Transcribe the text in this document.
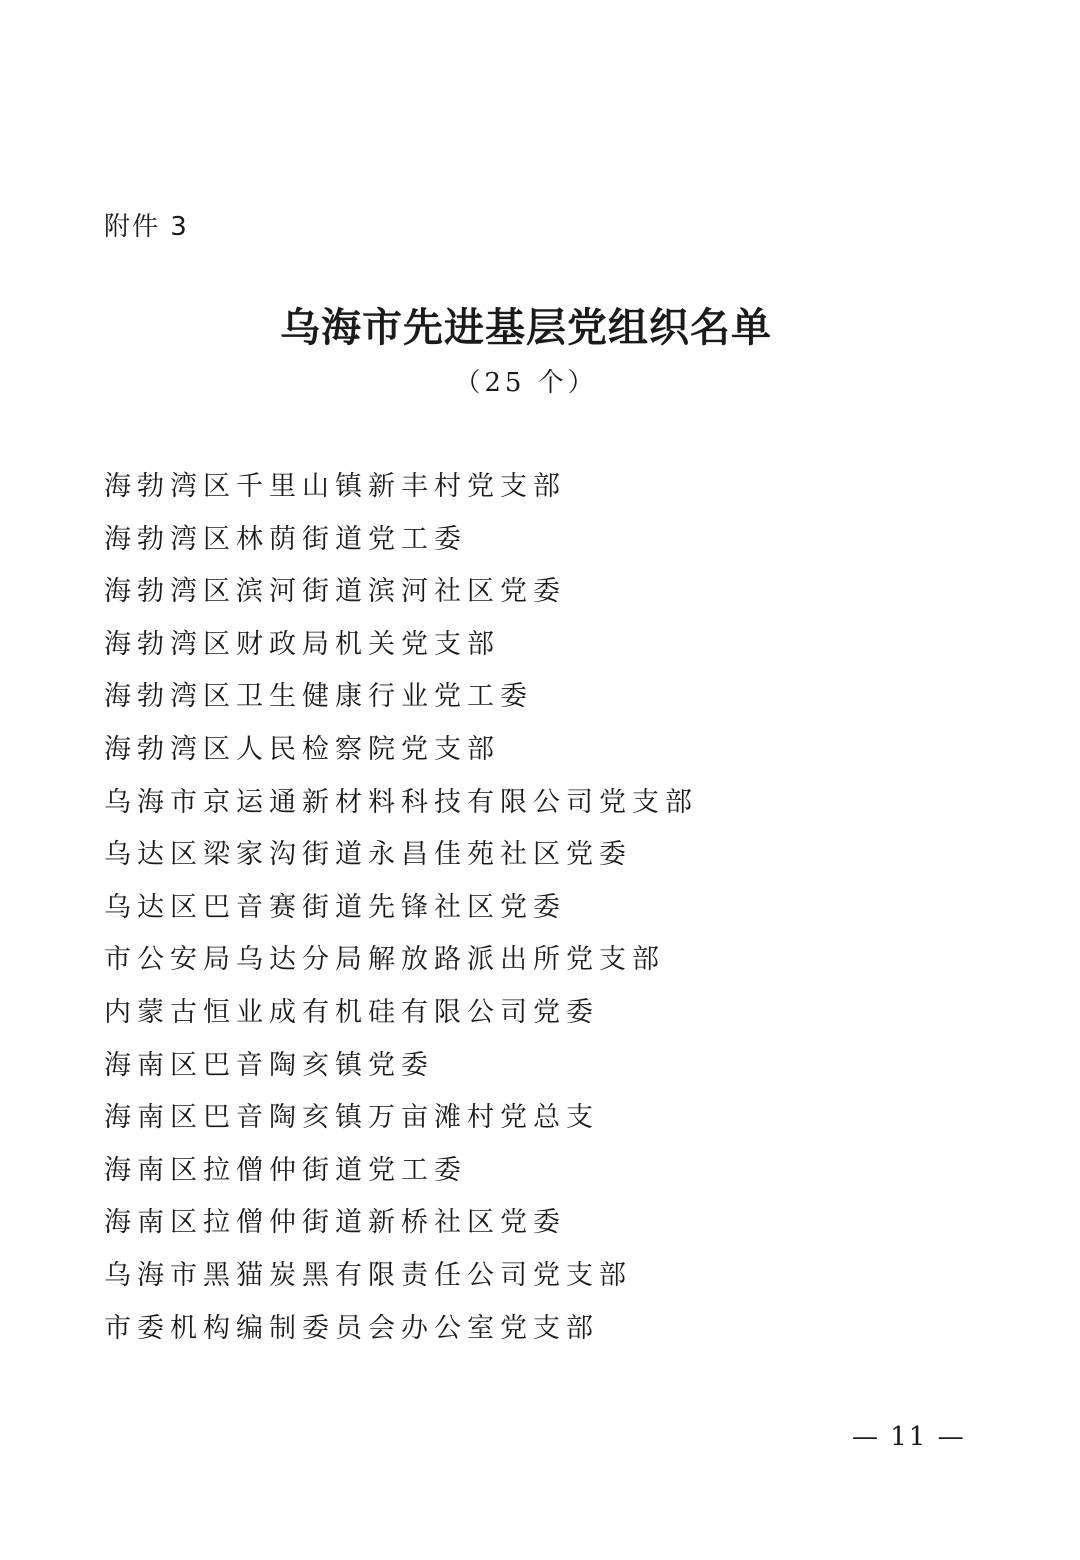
附件 3
乌海市先进基层党组织名单
（25 个）
海勃湾区千里山镇新丰村党支部
海勃湾区林荫街道党工委
海勃湾区滨河街道滨河社区党委
海勃湾区财政局机关党支部
海勃湾区卫生健康行业党工委
海勃湾区人民检察院党支部
乌海市京运通新材料科技有限公司党支部
乌达区梁家沟街道永昌佳苑社区党委
乌达区巴音赛街道先锋社区党委
市公安局乌达分局解放路派出所党支部
内蒙古恒业成有机硅有限公司党委
海南区巴音陶亥镇党委
海南区巴音陶亥镇万亩滩村党总支
海南区拉僧仲街道党工委
海南区拉僧仲街道新桥社区党委
乌海市黑猫炭黑有限责任公司党支部
市委机构编制委员会办公室党支部
— 11 —
